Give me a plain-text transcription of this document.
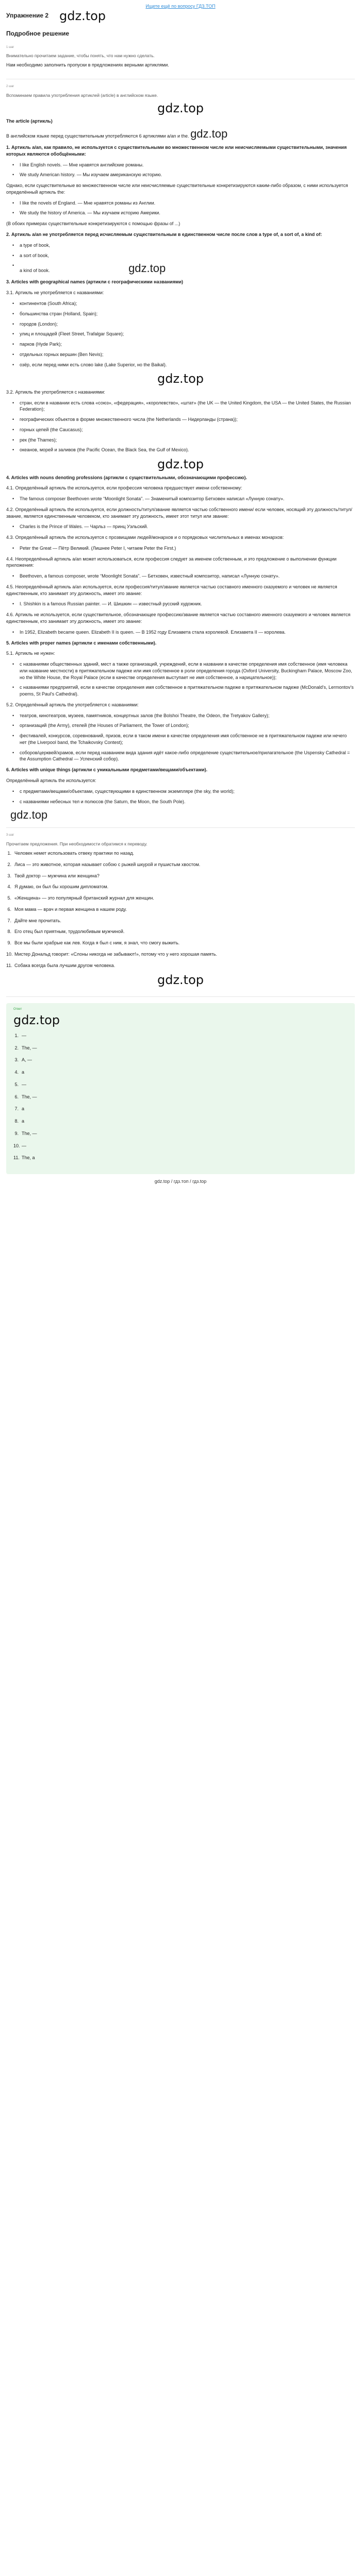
Ищете ещё по вопросу ГДЗ.ТОП
Упражнение 2 gdz.top
Подробное решение
1 шаг
Внимательно прочитаем задание, чтобы понять, что нам нужно сделать.
Нам необходимо заполнить пропуски в предложениях верными артиклями.
2 шаг
Вспоминаем правила употребления артиклей (article) в английском языке.
gdz.top
The article (артикль)
В английском языке перед существительным употребляются 6 артиклями a/an и the. gdz.top
1. Артикль a/an, как правило, не используется с существительными во множественном числе или неисчисляемыми существительными, значения которых являются обобщёнными:
• I like English novels. — Мне нравятся английские романы.
• We study American history. — Мы изучаем американскую историю.
Однако, если существительные во множественном числе или неисчисляемые существительные конкретизируются каким-либо образом, с ними используется определённый артикль the:
• I like the novels of England. — Мне нравятся романы из Англии.
• We study the history of America. — Мы изучаем историю Америки.
(В обоих примерах существительные конкретизируются с помощью фразы of ...)
2. Артикль a/an не употребляется перед исчисляемым существительным в единственном числе после слов a type of, a sort of, a kind of:
• a type of book,
• a sort of book,
• a kind of book.	gdz.top
3. Articles with geographical names (артикли с географическими названиями)
3.1. Артикль не употребляется с названиями:
• континентов (South Africa);
• большинства стран (Holland, Spain);
• городов (London);
• улиц и площадей (Fleet Street, Trafalgar Square);
• парков (Hyde Park);
• отдельных горных вершин (Ben Nevis);
• озёр, если перед ними есть слово lake (Lake Superior, но the Baikal).
gdz.top
3.2. Артикль the употребляется с названиями:
• стран, если в названии есть слова «союз», «федерация», «королевство», «штат» (the UK — the United Kingdom, the USA — the United States, the Russian Federation);
• географических объектов в форме множественного числа (the Netherlands — Нидерланды (страна));
• горных цепей (the Caucasus);
• рек (the Thames);
• океанов, морей и заливов (the Pacific Ocean, the Black Sea, the Gulf of Mexico).
gdz.top
4. Articles with nouns denoting professions (артикли с существительными, обозначающими профессию).
4.1. Определённый артикль the используется, если профессия человека предшествует имени собственному:
• The famous composer Beethoven wrote “Moonlight Sonata”. — Знаменитый композитор Бетховен написал «Лунную сонату».
4.2. Определённый артикль the используется, если должность/титул/звание является частью собственного имени/ если человек, носящий эту должность/титул/звание, является единственным человеком, кто занимает эту должность, имеет этот титул или звание:
• Charles is the Prince of Wales. — Чарльз — принц Уэльский.
4.3. Определённый артикль the используется с прозвищами людей/монархов и о порядковых числительных в именах монархов:
• Peter the Great — Пётр Великий. (Лишнее Peter I, читаем Peter the First.)
4.4. Неопределённый артикль a/an может использоваться, если профессия следует за именем собственным, и это предложение о выполнении функции приложения:
• Beethoven, a famous composer, wrote “Moonlight Sonata”. — Бетховен, известный композитор, написал «Лунную сонату».
4.5. Неопределённый артикль a/an используется, если профессия/титул/звание является частью составного именного сказуемого и человек не является единственным, кто занимает эту должность, имеет это звание:
• I. Shishkin is a famous Russian painter. — И. Шишкин — известный русский художник.
4.6. Артикль не используется, если существительное, обозначающее профессию/звание является частью составного именного сказуемого и человек является единственным, кто занимает эту должность, имеет это звание:
• In 1952, Elizabeth became queen. Elizabeth II is queen. — В 1952 году Елизавета стала королевой. Елизавета II — королева.
5. Articles with proper names (артикли с именами собственными).
5.1. Артикль не нужен:
• с названиями общественных зданий, мест а также организаций, учреждений, если в названии в качестве определения имя собственное (имя человека или название местности) в притяжательном падеже или имя собственное в роли определения города (Oxford University, Buckingham Palace, Moscow Zoo, но the White House, the Royal Palace (если в качестве определения выступает не имя собственное, а нарицательное));
• с названиями предприятий, если в качестве определения имя собственное в притяжательном падеже в притяжательном падеже (McDonald's, Lermontov's poems, St Paul's Cathedral).
5.2. Определённый артикль the употребляется с названиями:
• театров, кинотеатров, музеев, памятников, концертных залов (the Bolshoi Theatre, the Odeon, the Tretyakov Gallery);
• организаций (the Army), отелей (the Houses of Parliament, the Tower of London);
• фестивалей, конкурсов, соревнований, призов, если в таком имени в качестве определения имя собственное не в притяжательном падеже или нечего нет (the Liverpool band, the Tchaikovsky Contest);
• соборов/церквей/храмов, если перед названием вида здания идёт какое-либо определение существительное/прилагательное (the Uspensky Cathedral = the Assumption Cathedral — Успенский собор).
6. Articles with unique things (артикли с уникальными предметами/вещами/объектами).
Определённый артикль the используется:
• с предметами/вещами/объектами, существующими в единственном экземпляре (the sky, the world);
• с названиями небесных тел и полюсов (the Saturn, the Moon, the South Pole).
gdz.top
3 шаг
Прочитаем предложения. При необходимости обратимся к переводу.
1. Человек немет использовать отвеку практики по назад.
2. Лиса — это животное, которая называет собою с рыжей шкурой и пушистым хвостом.
3. Твой доктор — мужчина или женщина?
4. Я думаю, он был бы хорошим дипломатом.
5. «Женщина» — это популярный британский журнал для женщин.
6. Моя мама — врач и первая женщина в нашем роду.
7. Дайте мне прочитать.
8. Его отец был приятным, трудолюбивым мужчиной.
9. Все мы были храбрые как лев. Когда я был с ним, я знал, что смогу выжить.
10. Мистер Дональд говорит: «Слоны никогда не забывают!», потому что у него хорошая память.
11. Собака всегда была лучшим другом человека.
gdz.top
Ответ
gdz.top
1. —
2. The, —
3. A, —
4. a
5. —
6. The, —
7. a
8. a
9. The, —
10. —
11. The, a
gdz.top / гдз.топ / гдз.top
